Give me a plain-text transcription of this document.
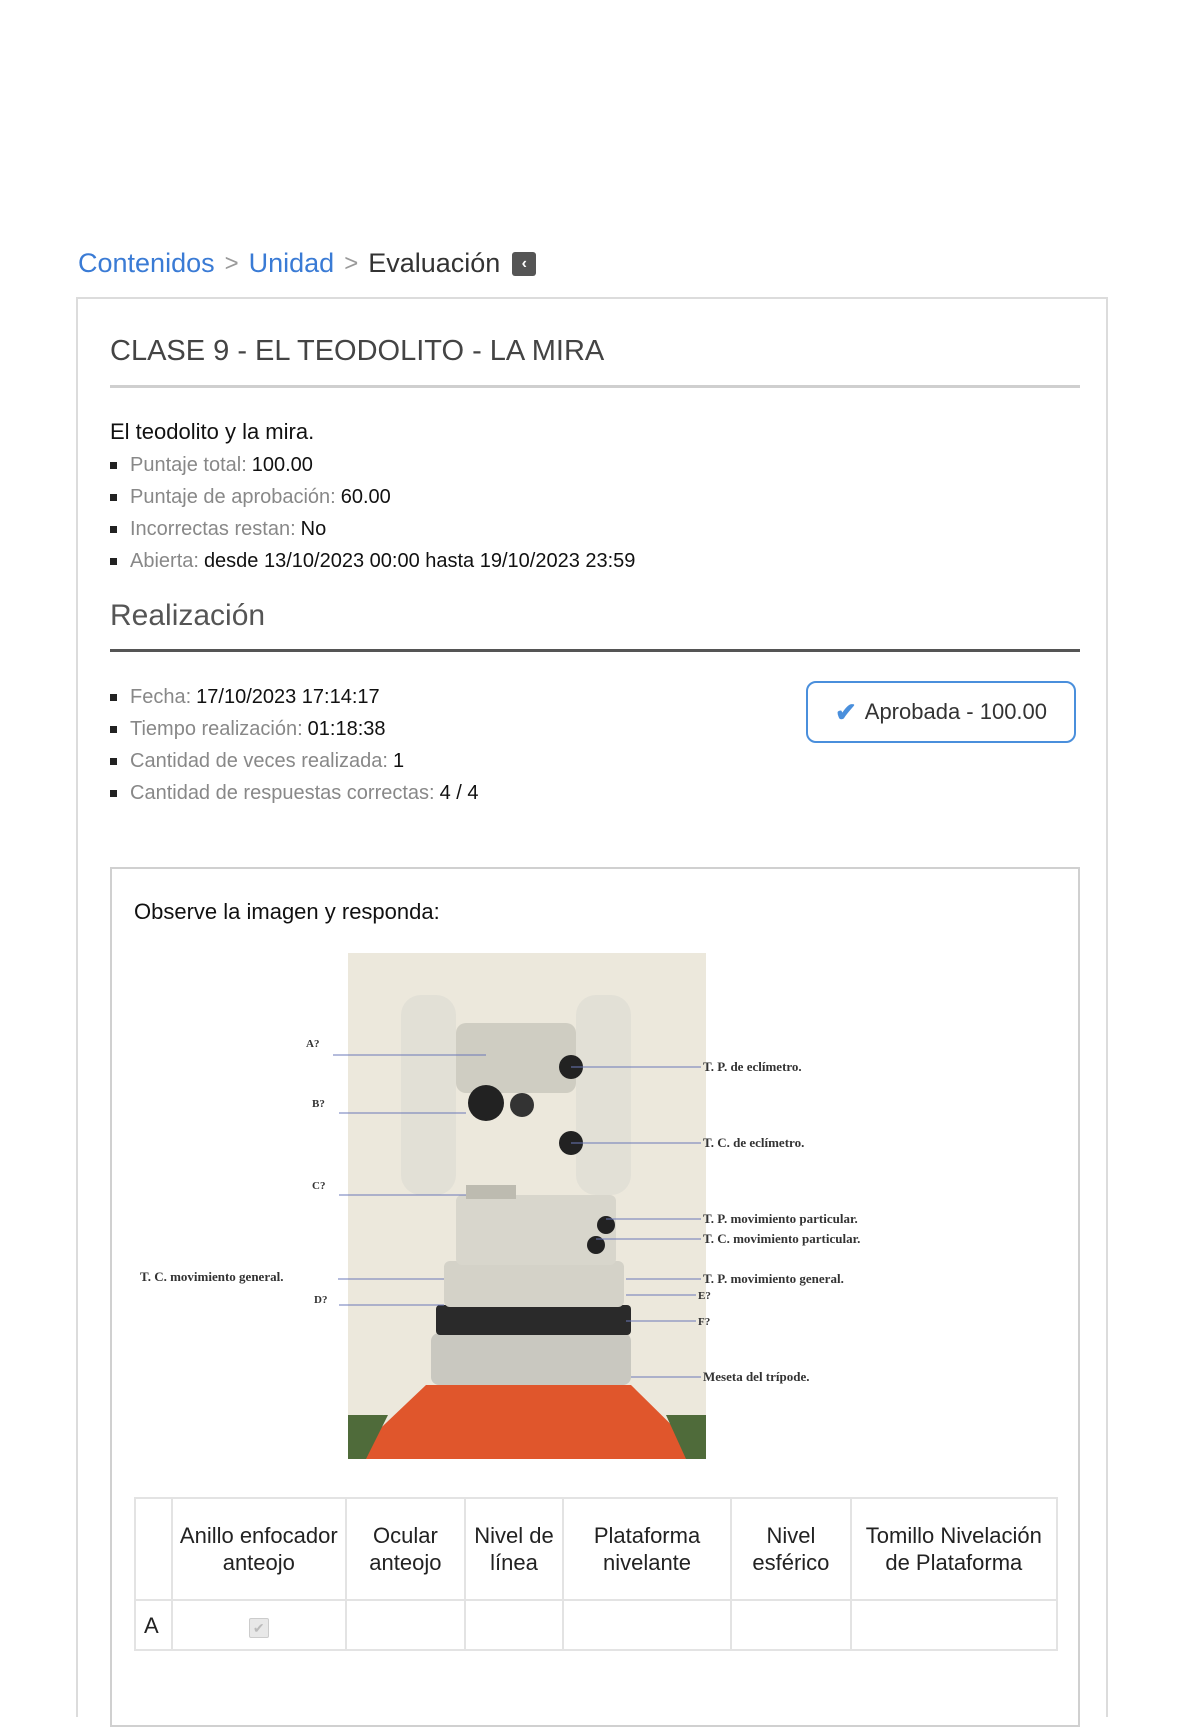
Contenidos > Unidad > Evaluación	‹
CLASE 9 - EL TEODOLITO - LA MIRA
El teodolito y la mira.
Puntaje total: 100.00
Puntaje de aprobación: 60.00
Incorrectas restan: No
Abierta: desde 13/10/2023 00:00 hasta 19/10/2023 23:59
Realización
Fecha: 17/10/2023 17:14:17
Tiempo realización: 01:18:38
Cantidad de veces realizada: 1
Cantidad de respuestas correctas: 4 / 4
✔ Aprobada - 100.00
Observe la imagen y responda:
A?
B?
C?
T. C. movimiento general.
D?
T. P. de eclímetro.
T. C. de eclímetro.
T. P. movimiento particular.
T. C. movimiento particular.
T. P. movimiento general.
E?
F?
Meseta del trípode.
	Anillo enfocador anteojo	Ocular anteojo	Nivel de línea	Plataforma nivelante	Nivel esférico	Tomillo Nivelación de Plataforma
A	✔					
